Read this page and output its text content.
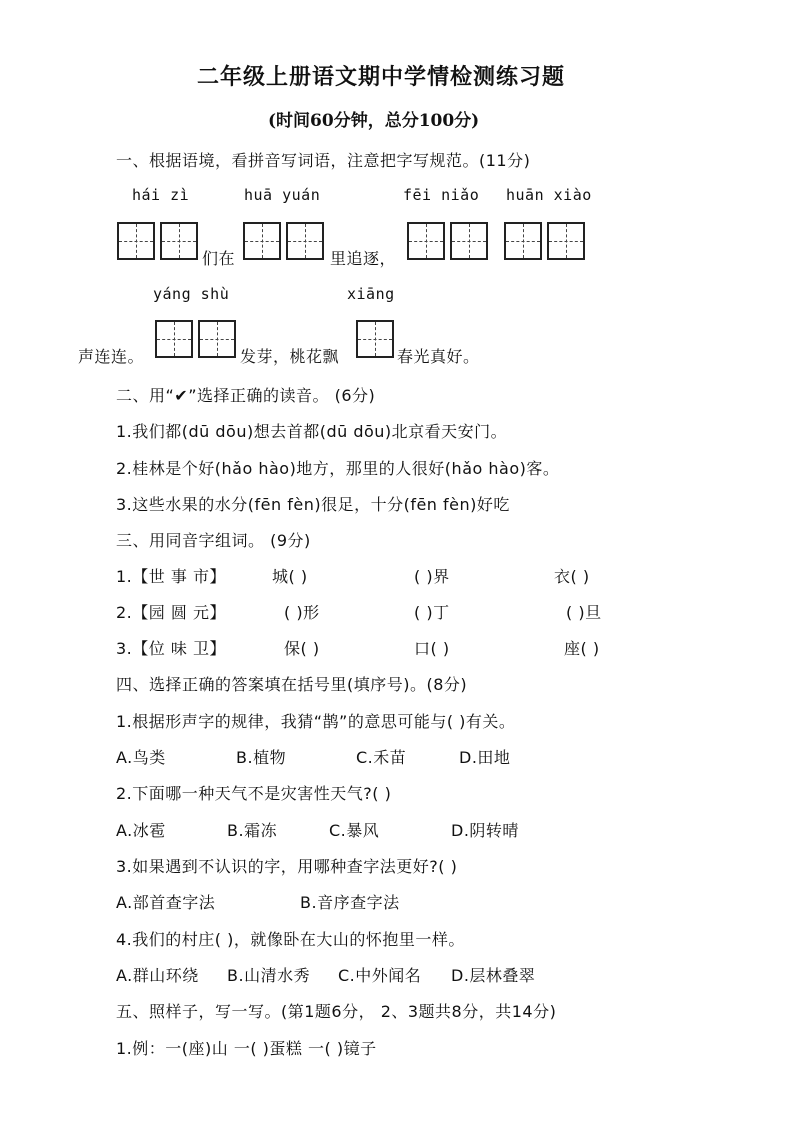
二年级上册语文期中学情检测练习题
(时间60分钟，总分100分)
一、根据语境，看拼音写词语，注意把字写规范。(11分)
hái zì	huā yuán	fēi niǎo huān xiào
们在	里追逐，
yáng shù	xiāng
声连连。	发芽，桃花飘	春光真好。
二、用“✔”选择正确的读音。 (6分)
1.我们都(dū dōu)想去首都(dū dōu)北京看天安门。
2.桂林是个好(hǎo hào)地方，那里的人很好(hǎo hào)客。
3.这些水果的水分(fēn fèn)很足，十分(fēn fèn)好吃
三、用同音字组词。 (9分)
1.【世 事 市】	城( )	( )界	衣( )
2.【园 圆 元】	( )形	( )丁	( )旦
3.【位 味 卫】	保( )	口( )	座( )
四、选择正确的答案填在括号里(填序号)。(8分)
1.根据形声字的规律，我猜“鹊”的意思可能与( )有关。
A.鸟类	B.植物	C.禾苗	D.田地
2.下面哪一种天气不是灾害性天气?( )
A.冰雹	B.霜冻	C.暴风	D.阴转晴
3.如果遇到不认识的字，用哪种查字法更好?( )
A.部首查字法	B.音序查字法
4.我们的村庄( )，就像卧在大山的怀抱里一样。
A.群山环绕 B.山清水秀 C.中外闻名 D.层林叠翠
五、照样子，写一写。(第1题6分， 2、3题共8分，共14分)
1.例：一(座)山 一( )蛋糕 一( )镜子
